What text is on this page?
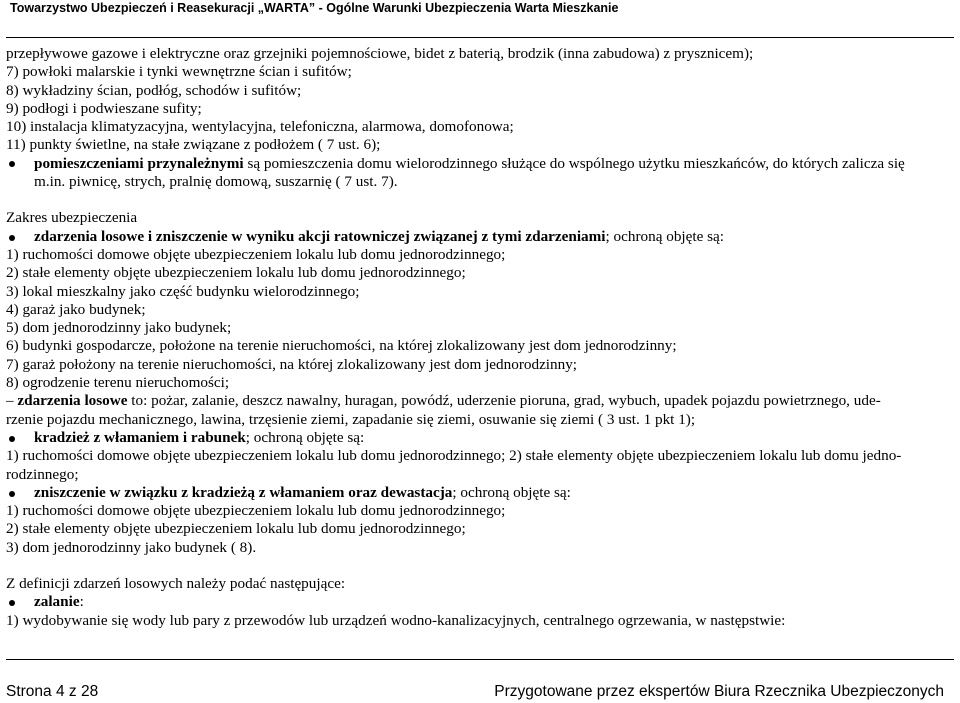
Towarzystwo Ubezpieczeń i Reasekuracji „WARTA” - Ogólne Warunki Ubezpieczenia Warta Mieszkanie
przepływowe gazowe i elektryczne oraz grzejniki pojemnościowe, bidet z baterią, brodzik (inna zabudowa) z prysznicem);
7) powłoki malarskie i tynki wewnętrzne ścian i sufitów;
8) wykładziny ścian, podłóg, schodów i sufitów;
9) podłogi i podwieszane sufity;
10) instalacja klimatyzacyjna, wentylacyjna, telefoniczna, alarmowa, domofonowa;
11) punkty świetlne, na stałe związane z podłożem ( 7 ust. 6);
pomieszczeniami przynależnymi są pomieszczenia domu wielorodzinnego służące do wspólnego użytku mieszkańców, do których zalicza się
m.in. piwnicę, strych, pralnię domową, suszarnię ( 7 ust. 7).
Zakres ubezpieczenia
zdarzenia losowe i zniszczenie w wyniku akcji ratowniczej związanej z tymi zdarzeniami; ochroną objęte są:
1) ruchomości domowe objęte ubezpieczeniem lokalu lub domu jednorodzinnego;
2) stałe elementy objęte ubezpieczeniem lokalu lub domu jednorodzinnego;
3) lokal mieszkalny jako część budynku wielorodzinnego;
4) garaż jako budynek;
5) dom jednorodzinny jako budynek;
6) budynki gospodarcze, położone na terenie nieruchomości, na której zlokalizowany jest dom jednorodzinny;
7) garaż położony na terenie nieruchomości, na której zlokalizowany jest dom jednorodzinny;
8) ogrodzenie terenu nieruchomości;
– zdarzenia losowe to: pożar, zalanie, deszcz nawalny, huragan, powódź, uderzenie pioruna, grad, wybuch, upadek pojazdu powietrznego, ude-
rzenie pojazdu mechanicznego, lawina, trzęsienie ziemi, zapadanie się ziemi, osuwanie się ziemi ( 3 ust. 1 pkt 1);
kradzież z włamaniem i rabunek; ochroną objęte są:
1) ruchomości domowe objęte ubezpieczeniem lokalu lub domu jednorodzinnego; 2) stałe elementy objęte ubezpieczeniem lokalu lub domu jedno-
rodzinnego;
zniszczenie w związku z kradzieżą z włamaniem oraz dewastacja; ochroną objęte są:
1) ruchomości domowe objęte ubezpieczeniem lokalu lub domu jednorodzinnego;
2) stałe elementy objęte ubezpieczeniem lokalu lub domu jednorodzinnego;
3) dom jednorodzinny jako budynek ( 8).
Z definicji zdarzeń losowych należy podać następujące:
zalanie:
1) wydobywanie się wody lub pary z przewodów lub urządzeń wodno-kanalizacyjnych, centralnego ogrzewania, w następstwie:
Strona 4 z 28	Przygotowane przez ekspertów Biura Rzecznika Ubezpieczonych
